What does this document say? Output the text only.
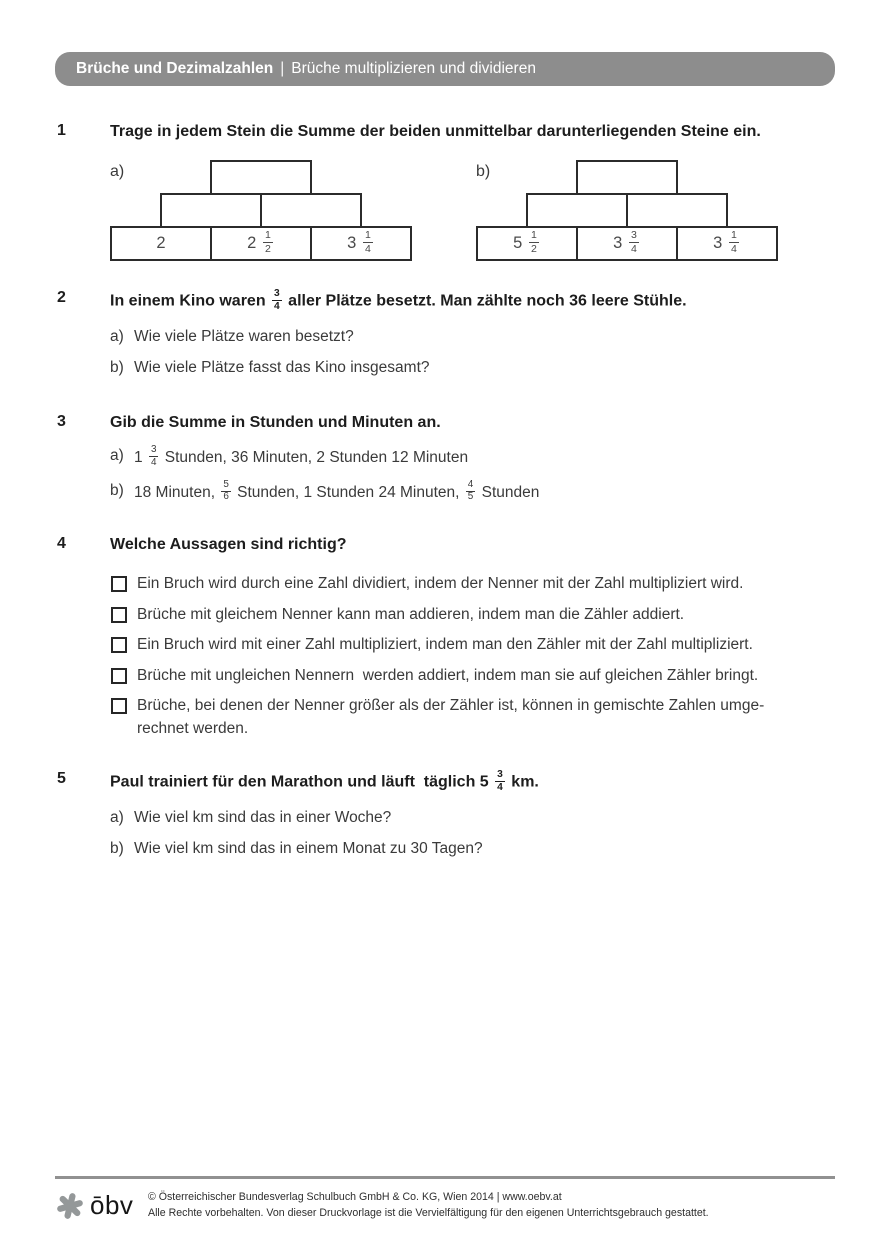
Brüche und Dezimalzahlen | Brüche multiplizieren und dividieren
1	Trage in jedem Stein die Summe der beiden unmittelbar darunterliegenden Steine ein.
a)
2	$2 \frac{1}{2}$	$3 \frac{1}{4}$
b)
$5 \frac{1}{2}$	$3 \frac{3}{4}$	$3 \frac{1}{4}$
2	In einem Kino waren $\frac{3}{4}$ aller Plätze besetzt. Man zählte noch 36 leere Stühle.
a) Wie viele Plätze waren besetzt?
b) Wie viele Plätze fasst das Kino insgesamt?
3	Gib die Summe in Stunden und Minuten an.
a) $1 \frac{3}{4}$ Stunden, 36 Minuten, 2 Stunden 12 Minuten
b) 18 Minuten, $\frac{5}{6}$ Stunden, 1 Stunden 24 Minuten, $\frac{4}{5}$ Stunden
4	Welche Aussagen sind richtig?
Ein Bruch wird durch eine Zahl dividiert, indem der Nenner mit der Zahl multipliziert wird.
Brüche mit gleichem Nenner kann man addieren, indem man die Zähler addiert.
Ein Bruch wird mit einer Zahl multipliziert, indem man den Zähler mit der Zahl multipliziert.
Brüche mit ungleichen Nennern  werden addiert, indem man sie auf gleichen Zähler bringt.
Brüche, bei denen der Nenner größer als der Zähler ist, können in gemischte Zahlen umge-
rechnet werden.
5	Paul trainiert für den Marathon und läuft  täglich $5 \frac{3}{4}$ km.
a) Wie viel km sind das in einer Woche?
b) Wie viel km sind das in einem Monat zu 30 Tagen?
ōbv © Österreichischer Bundesverlag Schulbuch GmbH & Co. KG, Wien 2014 | www.oebv.at
Alle Rechte vorbehalten. Von dieser Druckvorlage ist die Vervielfältigung für den eigenen Unterrichtsgebrauch gestattet.
